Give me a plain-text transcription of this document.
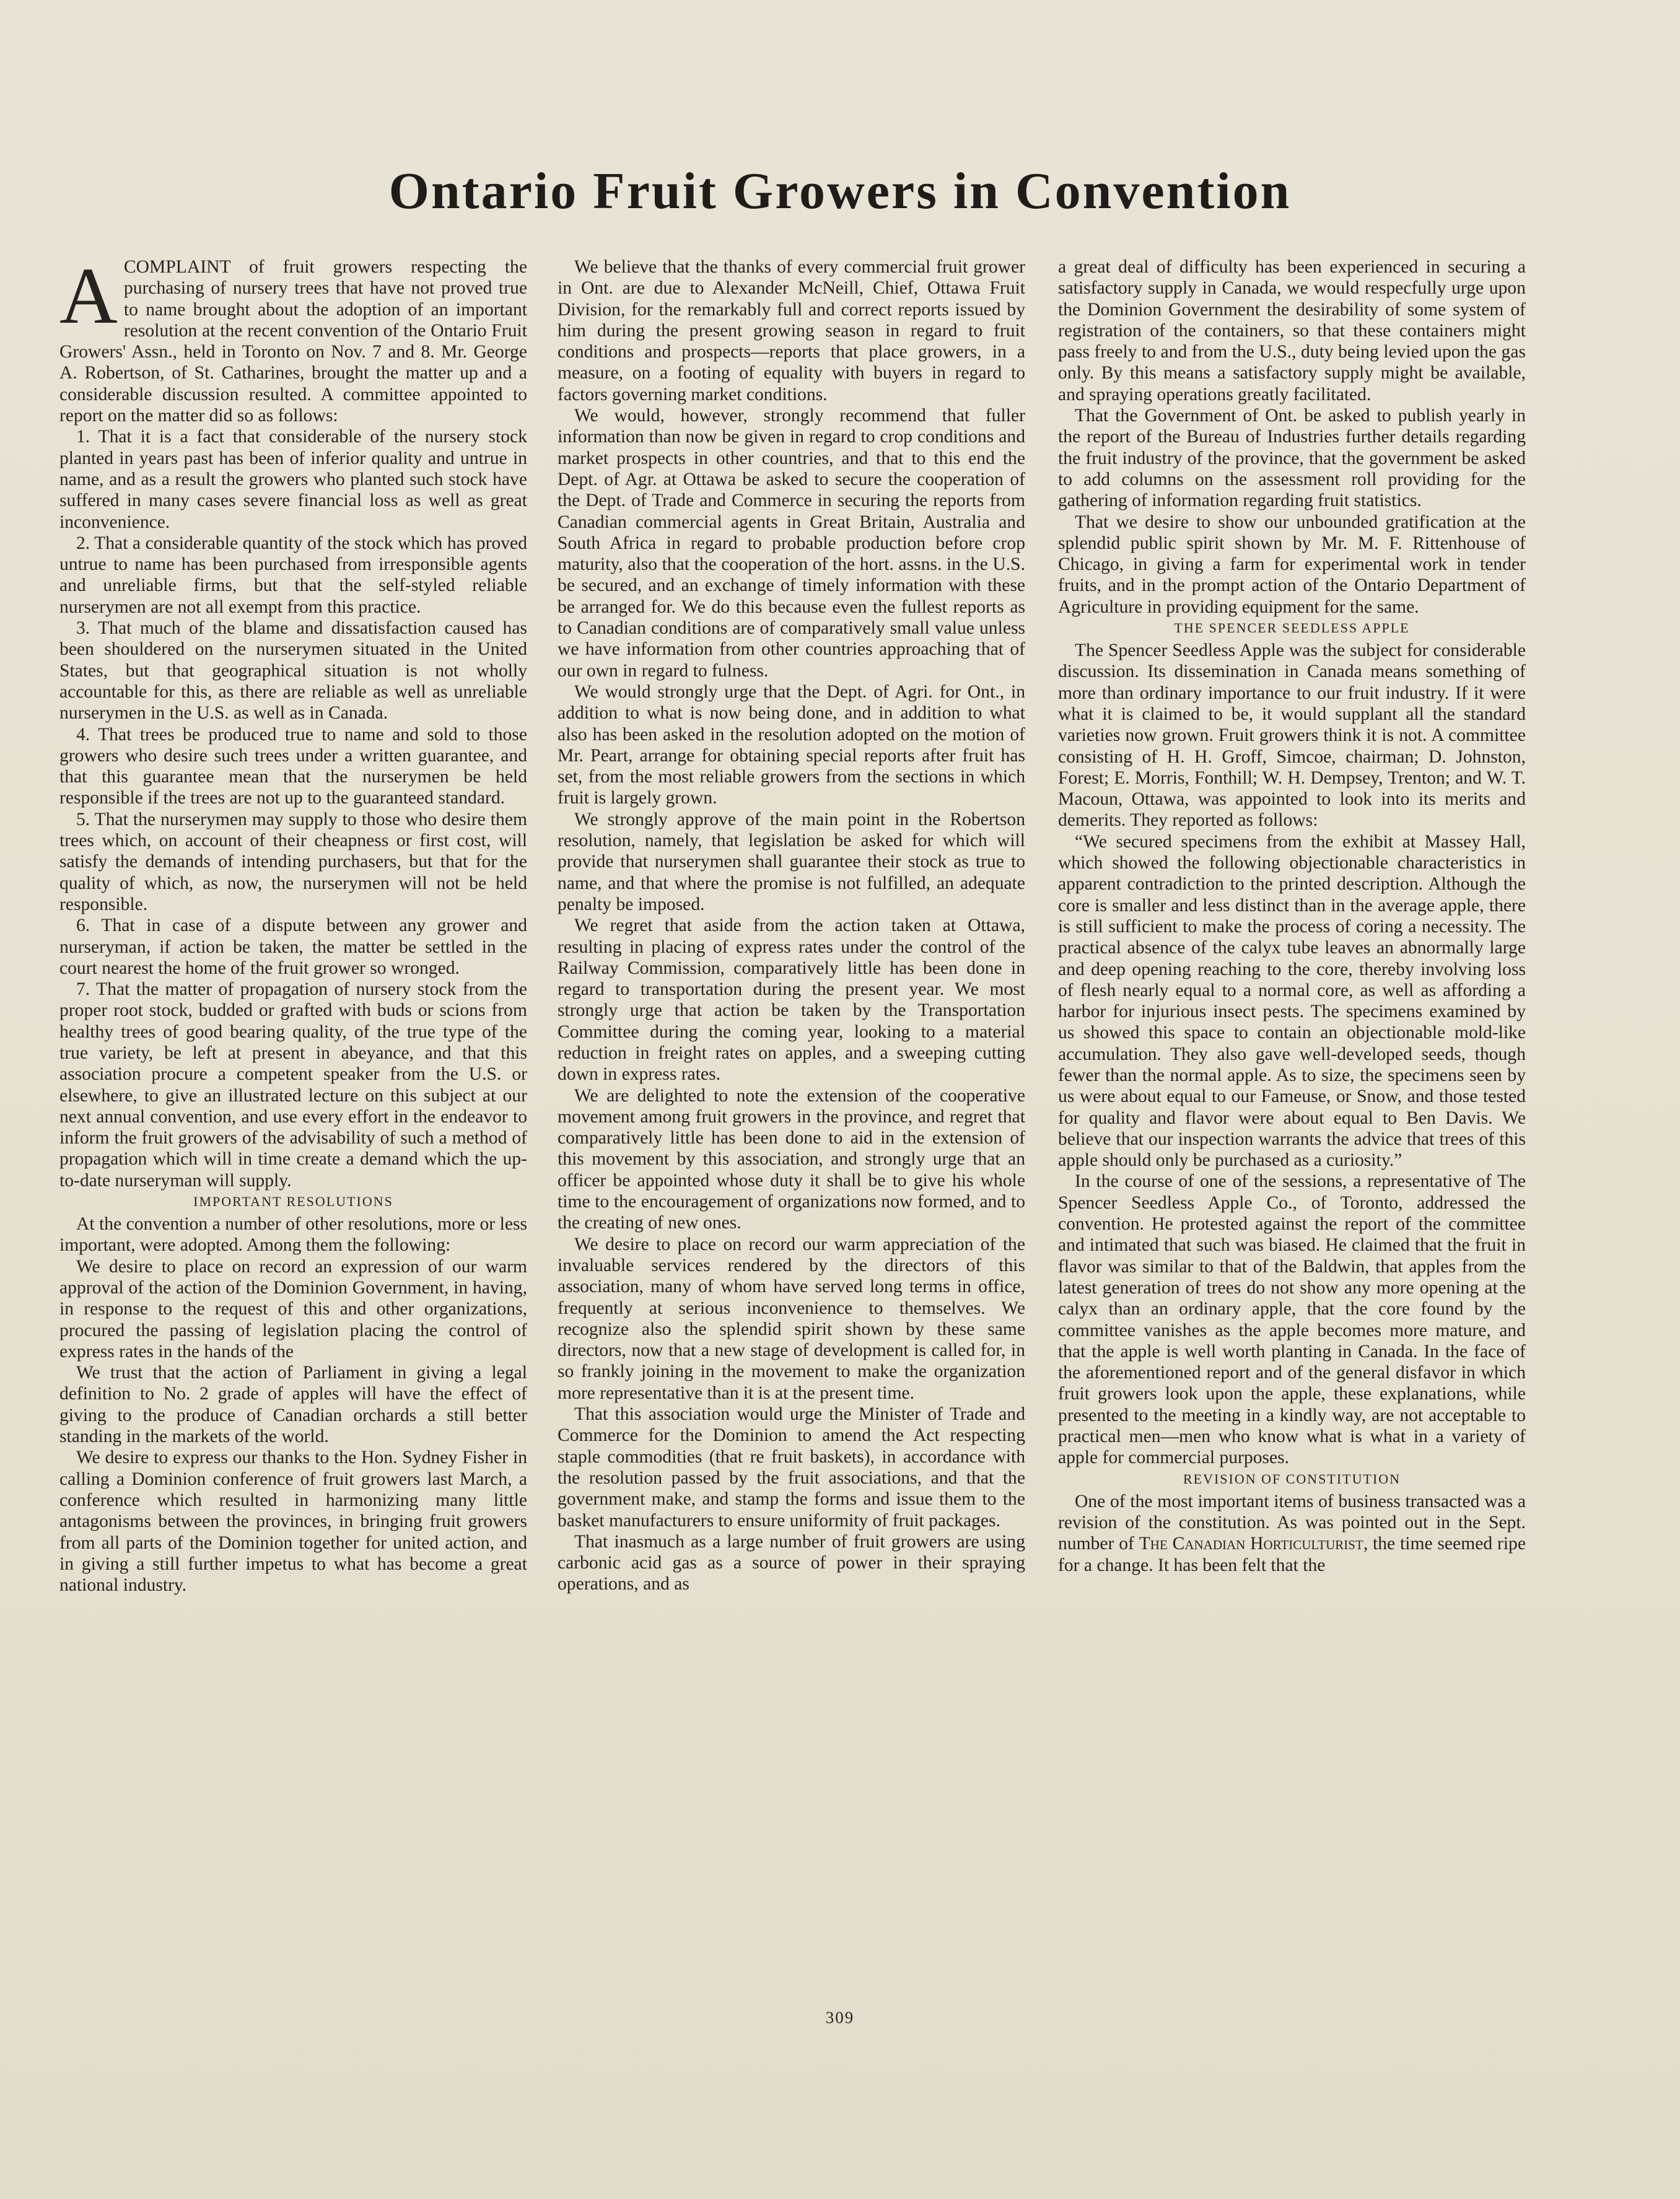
Ontario Fruit Growers in Convention

ACOMPLAINT of fruit growers respecting the purchasing of nursery trees that have not proved true to name brought about the adoption of an important resolution at the recent convention of the Ontario Fruit Growers' Assn., held in Toronto on Nov. 7 and 8. Mr. George A. Robertson, of St. Catharines, brought the matter up and a considerable discussion resulted. A committee appointed to report on the matter did so as follows:

1. That it is a fact that considerable of the nursery stock planted in years past has been of inferior quality and untrue in name, and as a result the growers who planted such stock have suffered in many cases severe financial loss as well as great inconvenience.

2. That a considerable quantity of the stock which has proved untrue to name has been purchased from irresponsible agents and unreliable firms, but that the self-styled reliable nurserymen are not all exempt from this practice.

3. That much of the blame and dissatisfaction caused has been shouldered on the nurserymen situated in the United States, but that geographical situation is not wholly accountable for this, as there are reliable as well as unreliable nurserymen in the U.S. as well as in Canada.

4. That trees be produced true to name and sold to those growers who desire such trees under a written guarantee, and that this guarantee mean that the nurserymen be held responsible if the trees are not up to the guaranteed standard.

5. That the nurserymen may supply to those who desire them trees which, on account of their cheapness or first cost, will satisfy the demands of intending purchasers, but that for the quality of which, as now, the nurserymen will not be held responsible.

6. That in case of a dispute between any grower and nurseryman, if action be taken, the matter be settled in the court nearest the home of the fruit grower so wronged.

7. That the matter of propagation of nursery stock from the proper root stock, budded or grafted with buds or scions from healthy trees of good bearing quality, of the true type of the true variety, be left at present in abeyance, and that this association procure a competent speaker from the U.S. or elsewhere, to give an illustrated lecture on this subject at our next annual convention, and use every effort in the endeavor to inform the fruit growers of the advisability of such a method of propagation which will in time create a demand which the up-to-date nurseryman will supply.

IMPORTANT RESOLUTIONS

At the convention a number of other resolutions, more or less important, were adopted. Among them the following:

We desire to place on record an expression of our warm approval of the action of the Dominion Government, in having, in response to the request of this and other organizations, procured the passing of legislation placing the control of express rates in the hands of the

We trust that the action of Parliament in giving a legal definition to No. 2 grade of apples will have the effect of giving to the produce of Canadian orchards a still better standing in the markets of the world.

We desire to express our thanks to the Hon. Sydney Fisher in calling a Dominion conference of fruit growers last March, a conference which resulted in harmonizing many little antagonisms between the provinces, in bringing fruit growers from all parts of the Dominion together for united action, and in giving a still further impetus to what has become a great national industry.

We believe that the thanks of every commercial fruit grower in Ont. are due to Alexander McNeill, Chief, Ottawa Fruit Division, for the remarkably full and correct reports issued by him during the present growing season in regard to fruit conditions and prospects—reports that place growers, in a measure, on a footing of equality with buyers in regard to factors governing market conditions.

We would, however, strongly recommend that fuller information than now be given in regard to crop conditions and market prospects in other countries, and that to this end the Dept. of Agr. at Ottawa be asked to secure the cooperation of the Dept. of Trade and Commerce in securing the reports from Canadian commercial agents in Great Britain, Australia and South Africa in regard to probable production before crop maturity, also that the cooperation of the hort. assns. in the U.S. be secured, and an exchange of timely information with these be arranged for. We do this because even the fullest reports as to Canadian conditions are of comparatively small value unless we have information from other countries approaching that of our own in regard to fulness.

We would strongly urge that the Dept. of Agri. for Ont., in addition to what is now being done, and in addition to what also has been asked in the resolution adopted on the motion of Mr. Peart, arrange for obtaining special reports after fruit has set, from the most reliable growers from the sections in which fruit is largely grown.

We strongly approve of the main point in the Robertson resolution, namely, that legislation be asked for which will provide that nurserymen shall guarantee their stock as true to name, and that where the promise is not fulfilled, an adequate penalty be imposed.

We regret that aside from the action taken at Ottawa, resulting in placing of express rates under the control of the Railway Commission, comparatively little has been done in regard to transportation during the present year. We most strongly urge that action be taken by the Transportation Committee during the coming year, looking to a material reduction in freight rates on apples, and a sweeping cutting down in express rates.

We are delighted to note the extension of the cooperative movement among fruit growers in the province, and regret that comparatively little has been done to aid in the extension of this movement by this association, and strongly urge that an officer be appointed whose duty it shall be to give his whole time to the encouragement of organizations now formed, and to the creating of new ones.

We desire to place on record our warm appreciation of the invaluable services rendered by the directors of this association, many of whom have served long terms in office, frequently at serious inconvenience to themselves. We recognize also the splendid spirit shown by these same directors, now that a new stage of development is called for, in so frankly joining in the movement to make the organization more representative than it is at the present time.

That this association would urge the Minister of Trade and Commerce for the Dominion to amend the Act respecting staple commodities (that re fruit baskets), in accordance with the resolution passed by the fruit associations, and that the government make, and stamp the forms and issue them to the basket manufacturers to ensure uniformity of fruit packages.

That inasmuch as a large number of fruit growers are using carbonic acid gas as a source of power in their spraying operations, and as

a great deal of difficulty has been experienced in securing a satisfactory supply in Canada, we would respecfully urge upon the Dominion Government the desirability of some system of registration of the containers, so that these containers might pass freely to and from the U.S., duty being levied upon the gas only. By this means a satisfactory supply might be available, and spraying operations greatly facilitated.

That the Government of Ont. be asked to publish yearly in the report of the Bureau of Industries further details regarding the fruit industry of the province, that the government be asked to add columns on the assessment roll providing for the gathering of information regarding fruit statistics.

That we desire to show our unbounded gratification at the splendid public spirit shown by Mr. M. F. Rittenhouse of Chicago, in giving a farm for experimental work in tender fruits, and in the prompt action of the Ontario Department of Agriculture in providing equipment for the same.

THE SPENCER SEEDLESS APPLE

The Spencer Seedless Apple was the subject for considerable discussion. Its dissemination in Canada means something of more than ordinary importance to our fruit industry. If it were what it is claimed to be, it would supplant all the standard varieties now grown. Fruit growers think it is not. A committee consisting of H. H. Groff, Simcoe, chairman; D. Johnston, Forest; E. Morris, Fonthill; W. H. Dempsey, Trenton; and W. T. Macoun, Ottawa, was appointed to look into its merits and demerits. They reported as follows:

“We secured specimens from the exhibit at Massey Hall, which showed the following objectionable characteristics in apparent contradiction to the printed description. Although the core is smaller and less distinct than in the average apple, there is still sufficient to make the process of coring a necessity. The practical absence of the calyx tube leaves an abnormally large and deep opening reaching to the core, thereby involving loss of flesh nearly equal to a normal core, as well as affording a harbor for injurious insect pests. The specimens examined by us showed this space to contain an objectionable mold-like accumulation. They also gave well-developed seeds, though fewer than the normal apple. As to size, the specimens seen by us were about equal to our Fameuse, or Snow, and those tested for quality and flavor were about equal to Ben Davis. We believe that our inspection warrants the advice that trees of this apple should only be purchased as a curiosity.”

In the course of one of the sessions, a representative of The Spencer Seedless Apple Co., of Toronto, addressed the convention. He protested against the report of the committee and intimated that such was biased. He claimed that the fruit in flavor was similar to that of the Baldwin, that apples from the latest generation of trees do not show any more opening at the calyx than an ordinary apple, that the core found by the committee vanishes as the apple becomes more mature, and that the apple is well worth planting in Canada. In the face of the aforementioned report and of the general disfavor in which fruit growers look upon the apple, these explanations, while presented to the meeting in a kindly way, are not acceptable to practical men—men who know what is what in a variety of apple for commercial purposes.

REVISION OF CONSTITUTION

One of the most important items of business transacted was a revision of the constitution. As was pointed out in the Sept. number of The Canadian Horticulturist, the time seemed ripe for a change. It has been felt that the

309
